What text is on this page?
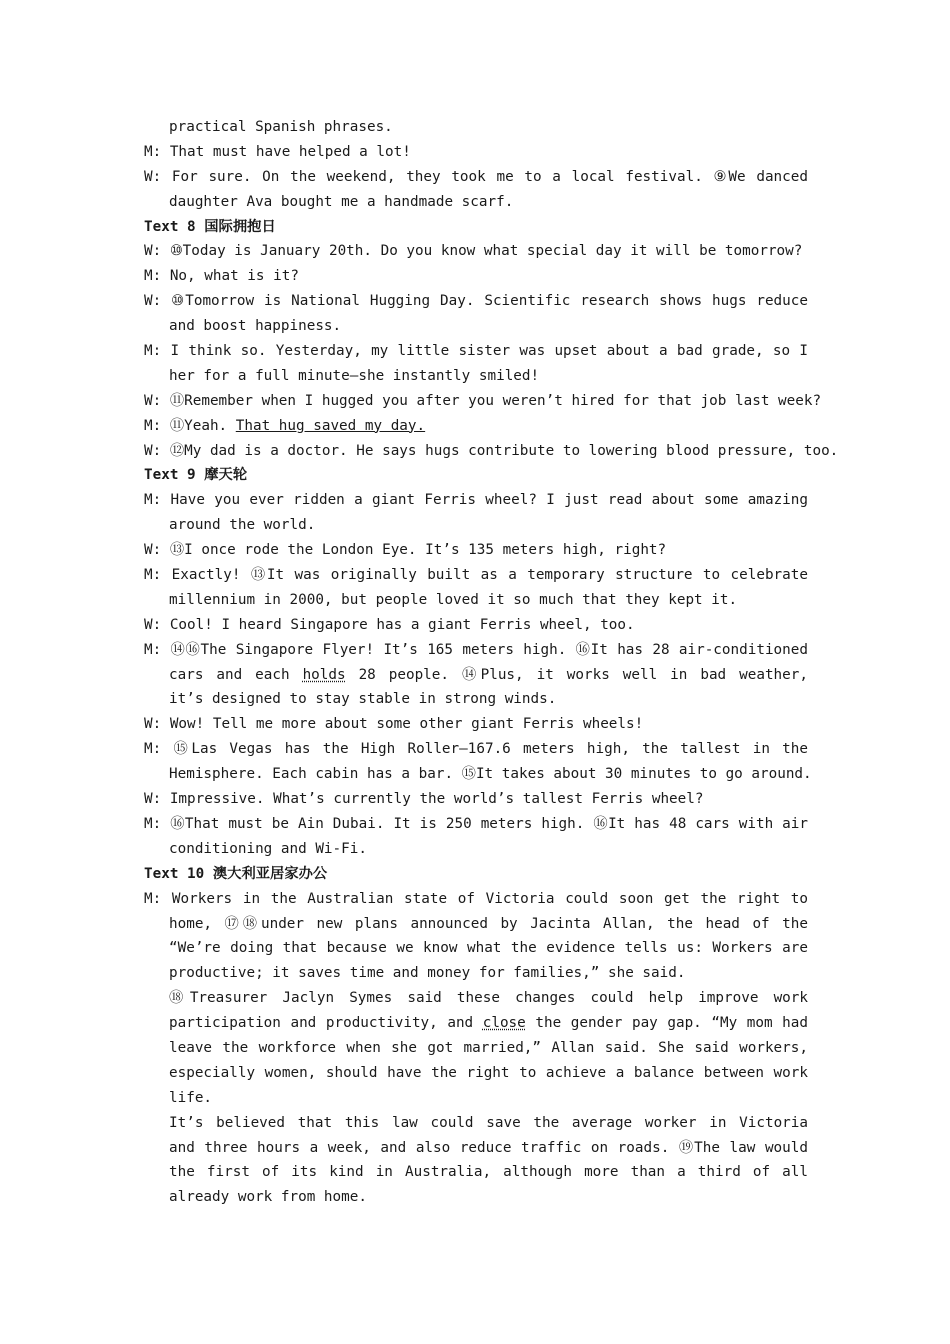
practical Spanish phrases.
M: That must have helped a lot!
W: For sure. On the weekend, they took me to a local festival. ⑨We danced
daughter Ava bought me a handmade scarf.
Text 8 国际拥抱日
W: ⑩Today is January 20th. Do you know what special day it will be tomorrow?
M: No, what is it?
W: ⑩Tomorrow is National Hugging Day. Scientific research shows hugs reduce
and boost happiness.
M: I think so. Yesterday, my little sister was upset about a bad grade, so I
her for a full minute—she instantly smiled!
W: ⑪Remember when I hugged you after you weren’t hired for that job last week?
M: ⑪Yeah. That hug saved my day.
W: ⑫My dad is a doctor. He says hugs contribute to lowering blood pressure, too.
Text 9 摩天轮
M: Have you ever ridden a giant Ferris wheel? I just read about some amazing
around the world.
W: ⑬I once rode the London Eye. It’s 135 meters high, right?
M: Exactly! ⑬It was originally built as a temporary structure to celebrate
millennium in 2000, but people loved it so much that they kept it.
W: Cool! I heard Singapore has a giant Ferris wheel, too.
M: ⑭⑯The Singapore Flyer! It’s 165 meters high. ⑯It has 28 air-conditioned
cars and each holds 28 people. ⑭Plus, it works well in bad weather,
it’s designed to stay stable in strong winds.
W: Wow! Tell me more about some other giant Ferris wheels!
M: ⑮Las Vegas has the High Roller—167.6 meters high, the tallest in the
Hemisphere. Each cabin has a bar. ⑮It takes about 30 minutes to go around.
W: Impressive. What’s currently the world’s tallest Ferris wheel?
M: ⑯That must be Ain Dubai. It is 250 meters high. ⑯It has 48 cars with air
conditioning and Wi-Fi.
Text 10 澳大利亚居家办公
M: Workers in the Australian state of Victoria could soon get the right to
home, ⑰⑱under new plans announced by Jacinta Allan, the head of the
“We’re doing that because we know what the evidence tells us: Workers are
productive; it saves time and money for families,” she said.
⑱Treasurer Jaclyn Symes said these changes could help improve work
participation and productivity, and close the gender pay gap. “My mom had
leave the workforce when she got married,” Allan said. She said workers,
especially women, should have the right to achieve a balance between work
life.
It’s believed that this law could save the average worker in Victoria
and three hours a week, and also reduce traffic on roads. ⑲The law would
the first of its kind in Australia, although more than a third of all
already work from home.
